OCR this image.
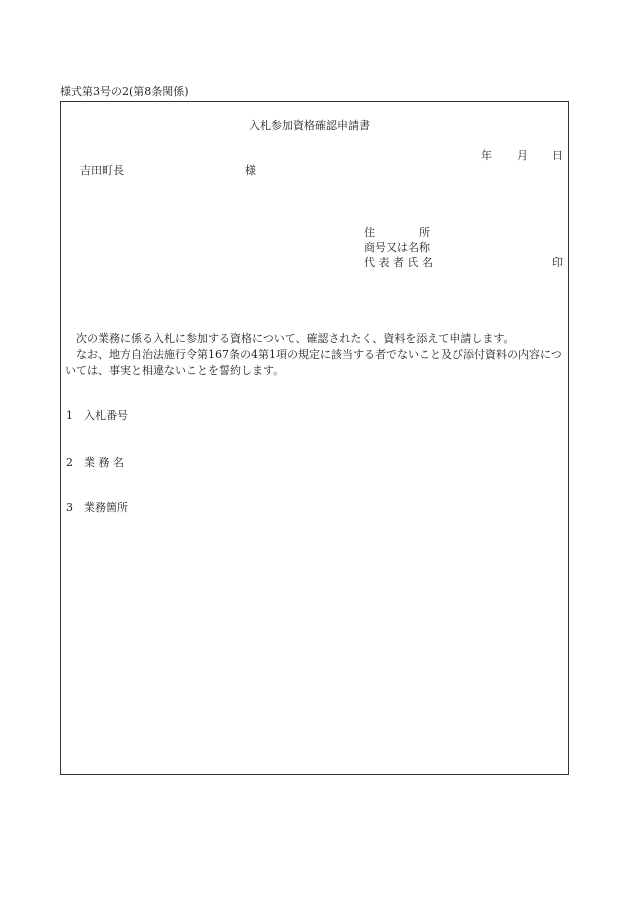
様式第3号の2(第8条関係)
入札参加資格確認申請書
年 月 日
吉田町長	様
住　　　　所
商号又は名称
代 表 者 氏 名	印
　次の業務に係る入札に参加する資格について、確認されたく、資料を添えて申請します。
　なお、地方自治法施行令第167条の4第1項の規定に該当する者でないこと及び添付資料の内容については、事実と相違ないことを誓約します。
1 入札番号
2 業 務 名
3 業務箇所
